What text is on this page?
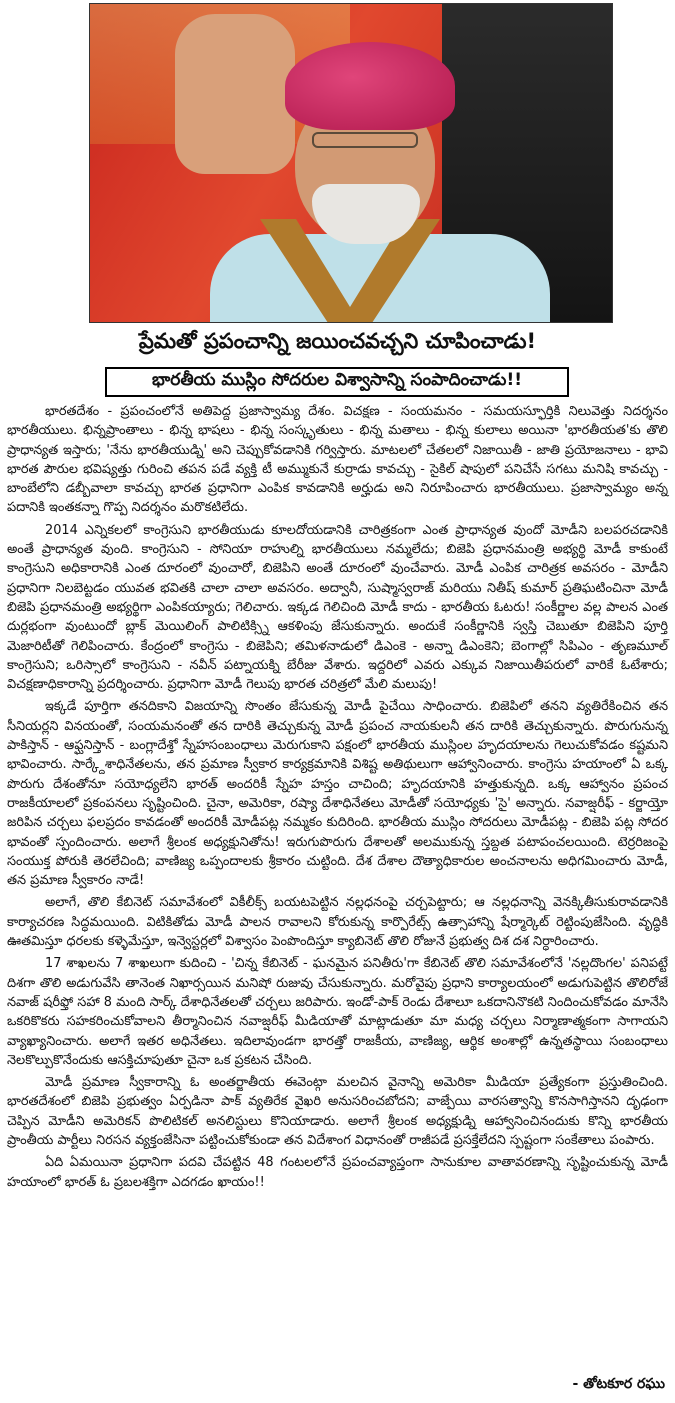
ప్రేమతో ప్రపంచాన్ని జయించవచ్చని చూపించాడు!
భారతీయ ముస్లిం సోదరుల విశ్వాసాన్ని సంపాదించాడు!!

భారతదేశం - ప్రపంచంలోనే అతిపెద్ద ప్రజాస్వామ్య దేశం. విచక్షణ - సంయమనం - సమయస్ఫూర్తికి నిలువెత్తు నిదర్శనం భారతీయులు. భిన్నప్రాంతాలు - భిన్న భాషలు - భిన్న సంస్కృతులు - భిన్న మతాలు - భిన్న కులాలు అయినా 'భారతీయత'కు తొలి ప్రాధాన్యత ఇస్తారు; 'నేను భారతీయుడ్ని' అని చెప్పుకోవడానికి గర్విస్తారు. మాటలలో చేతలలో నిజాయితీ - జాతి ప్రయోజనాలు - భావి భారత పౌరుల భవిష్యత్తు గురించి తపన పడే వ్యక్తి టీ అమ్ముకునే కుర్రాడు కావచ్చు - సైకిల్ షాపులో పనిచేసే సగటు మనిషి కావచ్చు - బాంబేలోని డబ్బీవాలా కావచ్చు భారత ప్రధానిగా ఎంపిక కావడానికి అర్హుడు అని నిరూపించారు భారతీయులు. ప్రజాస్వామ్యం అన్న పదానికి ఇంతకన్నా గొప్ప నిదర్శనం మరొకటిలేదు.

2014 ఎన్నికలలో కాంగ్రెసుని భారతీయుడు కూలదోయడానికి చారిత్రకంగా ఎంత ప్రాధాన్యత వుందో మోడీని బలపరచడానికి అంతే ప్రాధాన్యత వుంది. కాంగ్రెసుని - సోనియా రాహుల్ని భారతీయులు నమ్మలేదు; బిజెపి ప్రధానమంత్రి అభ్యర్థి మోడీ కాకుంటే కాంగ్రెసుని అధికారానికి ఎంత దూరంలో వుంచారో, బిజెపిని అంతే దూరంలో వుంచేవారు. మోడీ ఎంపిక చారిత్రక అవసరం - మోడీని ప్రధానిగా నిలబెట్టడం యువత భవితకి చాలా చాలా అవసరం. అద్వానీ, సుష్మాస్వరాజ్ మరియు నితీష్ కుమార్ ప్రతిఘటించినా మోడీ బిజెపి ప్రధానమంత్రి అభ్యర్థిగా ఎంపికయ్యారు; గెలిచారు. ఇక్కడ గెలిచింది మోడీ కాదు - భారతీయ ఓటరు! సంకీర్ణాల వల్ల పాలన ఎంత దుర్లభంగా వుంటుందో బ్లాక్ మెయిలింగ్ పాలిటిక్స్ని ఆకళింపు జేసుకున్నారు. అందుకే సంకీర్ణానికి స్వస్తి చెబుతూ బిజెపిని పూర్తి మెజారిటీతో గెలిపించారు. కేంద్రంలో కాంగ్రెసు - బిజెపిని; తమిళనాడులో డిఎంకె - అన్నా డిఎంకెని; బెంగాల్లో సిపిఎం - తృణమూల్ కాంగ్రెసుని; ఒరిస్సాలో కాంగ్రెసుని - నవీన్ పట్నాయక్ని బేరీజు వేశారు. ఇద్దరిలో ఎవరు ఎక్కువ నిజాయితీపరులో వారికే ఓటేశారు; విచక్షణాధికారాన్ని ప్రదర్శించారు. ప్రధానిగా మోడీ గెలుపు భారత చరిత్రలో మేలి మలుపు!

ఇక్కడే పూర్తిగా తనదికాని విజయాన్ని సొంతం జేసుకున్న మోడీ పైచేయి సాధించారు. బిజెపిలో తనని వ్యతిరేకించిన తన సీనియర్లని వినయంతో, సంయమనంతో తన దారికి తెచ్చుకున్న మోడీ ప్రపంచ నాయకులనీ తన దారికి తెచ్చుకున్నారు. పొరుగునున్న పాకిస్తాన్ - ఆఫ్ఘనిస్తాన్ - బంగ్లాదేశ్తో స్నేహసంబంధాలు మెరుగుకాని పక్షంలో భారతీయ ముస్లింల హృదయాలను గెలుచుకోవడం కష్టమని భావించారు. సార్క్దేశాధినేతలను, తన ప్రమాణ స్వీకార కార్యక్రమానికి విశిష్ట అతిథులుగా ఆహ్వానించారు. కాంగ్రెసు హయాంలో ఏ ఒక్క పొరుగు దేశంతోనూ సయోధ్యలేని భారత్ అందరికీ స్నేహ హస్తం చాచింది; హృదయానికి హత్తుకున్నది. ఒక్క ఆహ్వానం ప్రపంచ రాజకీయాలలో ప్రకంపనలు సృష్టించింది. చైనా, అమెరికా, రష్యా దేశాధినేతలు మోడీతో సయోధ్యకు 'సై' అన్నారు. నవాజ్షరీఫ్ - కర్జాయ్తో జరిపిన చర్చలు ఫలప్రదం కావడంతో అందరికీ మోడీపట్ల నమ్మకం కుదిరింది. భారతీయ ముస్లిం సోదరులు మోడీపట్ల - బిజెపి పట్ల సోదర భావంతో స్పందించారు. అలాగే శ్రీలంక అధ్యక్షునితోను! ఇరుగుపొరుగు దేశాలతో అలముకున్న స్తబ్దత పటాపంచలయింది. టెర్రరిజంపై సంయుక్త పోరుకి తెరలేచింది; వాణిజ్య ఒప్పందాలకు శ్రీకారం చుట్టింది. దేశ దేశాల దౌత్యాధికారుల అంచనాలను అధిగమించారు మోడీ, తన ప్రమాణ స్వీకారం నాడే!

అలాగే, తొలి కేబినెట్ సమావేశంలో వికీలీక్స్ బయటపెట్టిన నల్లధనంపై చర్చపెట్టారు; ఆ నల్లధనాన్ని వెనక్కితీసుకురావడానికి కార్యాచరణ సిద్ధమయింది. విటికితోడు మోడీ పాలన రావాలని కోరుకున్న కార్పొరేట్స్ ఉత్సాహాన్ని షేర్మార్కెట్ రెట్టింపుజేసింది. వృద్ధికి ఊతమిస్తూ ధరలకు కళ్ళెమేస్తూ, ఇన్వెస్టర్లలో విశ్వాసం పెంపొందిస్తూ క్యాబినెట్ తొలి రోజునే ప్రభుత్వ దిశ దశ నిర్ధారించారు.

17 శాఖలను 7 శాఖలుగా కుదించి - 'చిన్న కేబినెట్ - ఘనమైన పనితీరు'గా కేబినెట్ తొలి సమావేశంలోనే 'నల్లదొంగల' పనిపట్టే దిశగా తొలి అడుగువేసి తానెంత నిఖార్సయిన మనిషో రుజువు చేసుకున్నారు. మరోవైపు ప్రధాని కార్యాలయంలో అడుగుపెట్టిన తొలిరోజే నవాజ్ షరీఫ్తో సహా 8 మంది సార్క్ దేశాధినేతలతో చర్చలు జరిపారు. ఇండో-పాక్ రెండు దేశాలూ ఒకదానినొకటి నిందించుకోవడం మానేసి ఒకరికొకరు సహకరించుకోవాలని తీర్మానించిన నవాజ్షరీఫ్ మీడియాతో మాట్లాడుతూ మా మధ్య చర్చలు నిర్మాణాత్మకంగా సాగాయని వ్యాఖ్యానించారు. అలాగే ఇతర అధినేతలు. ఇదిలావుండగా భారత్తో రాజకీయ, వాణిజ్య, ఆర్థిక అంశాల్లో ఉన్నతస్థాయి సంబంధాలు నెలకొల్పుకొనేందుకు ఆసక్తిచూపుతూ చైనా ఒక ప్రకటన చేసింది.

మోడీ ప్రమాణ స్వీకారాన్ని ఓ అంతర్జాతీయ ఈవెంట్గా మలచిన వైనాన్ని అమెరికా మీడియా ప్రత్యేకంగా ప్రస్తుతించింది. భారతదేశంలో బిజెపి ప్రభుత్వం ఏర్పడినా పాక్ వ్యతిరేక వైఖరి అనుసరించబోదని; వాజ్పేయి వారసత్వాన్ని కొనసాగిస్తానని దృఢంగా చెప్పిన మోడీని అమెరికన్ పొలిటికల్ అనలిస్టులు కొనియాడారు. అలాగే శ్రీలంక అధ్యక్షుడ్ని ఆహ్వానించినందుకు కొన్ని భారతీయ ప్రాంతీయ పార్టీలు నిరసన వ్యక్తంజేసినా పట్టించుకోకుండా తన విదేశాంగ విధానంతో రాజీపడే ప్రసక్తేలేదని స్పష్టంగా సంకేతాలు పంపారు.

ఏది ఏమయినా ప్రధానిగా పదవి చేపట్టిన 48 గంటలలోనే ప్రపంచవ్యాప్తంగా సానుకూల వాతావరణాన్ని సృష్టించుకున్న మోడీ హయాంలో భారత్ ఓ ప్రబలశక్తిగా ఎదగడం ఖాయం!!

- తోటకూర రఘు
